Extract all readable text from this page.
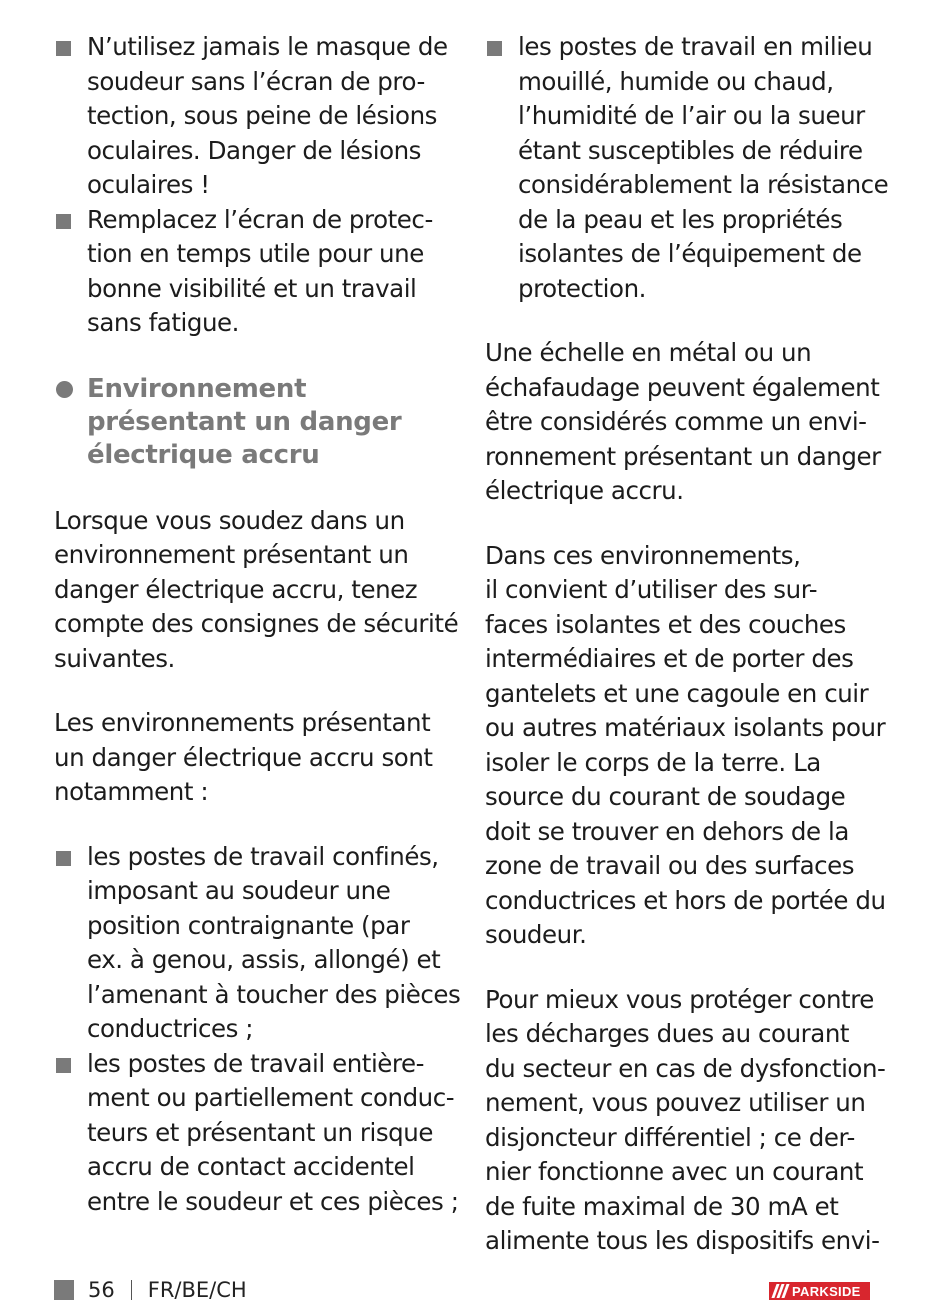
N’utilisez jamais le masque de
soudeur sans l’écran de pro-
tection, sous peine de lésions
oculaires. Danger de lésions
oculaires !
Remplacez l’écran de protec-
tion en temps utile pour une
bonne visibilité et un travail
sans fatigue.
Environnement
présentant un danger
électrique accru

Lorsque vous soudez dans un
environnement présentant un
danger électrique accru, tenez
compte des consignes de sécurité
suivantes.

Les environnements présentant
un danger électrique accru sont
notamment :

les postes de travail confinés,
imposant au soudeur une
position contraignante (par
ex. à genou, assis, allongé) et
l’amenant à toucher des pièces
conductrices ;
les postes de travail entière-
ment ou partiellement conduc-
teurs et présentant un risque
accru de contact accidentel
entre le soudeur et ces pièces ;
les postes de travail en milieu
mouillé, humide ou chaud,
l’humidité de l’air ou la sueur
étant susceptibles de réduire
considérablement la résistance
de la peau et les propriétés
isolantes de l’équipement de
protection.

Une échelle en métal ou un
échafaudage peuvent également
être considérés comme un envi-
ronnement présentant un danger
électrique accru.

Dans ces environnements,
il convient d’utiliser des sur-
faces isolantes et des couches
intermédiaires et de porter des
gantelets et une cagoule en cuir
ou autres matériaux isolants pour
isoler le corps de la terre. La
source du courant de soudage
doit se trouver en dehors de la
zone de travail ou des surfaces
conductrices et hors de portée du
soudeur.

Pour mieux vous protéger contre
les décharges dues au courant
du secteur en cas de dysfonction-
nement, vous pouvez utiliser un
disjoncteur différentiel ; ce der-
nier fonctionne avec un courant
de fuite maximal de 30 mA et
alimente tous les dispositifs envi-

56 FR/BE/CH	PARKSIDE
